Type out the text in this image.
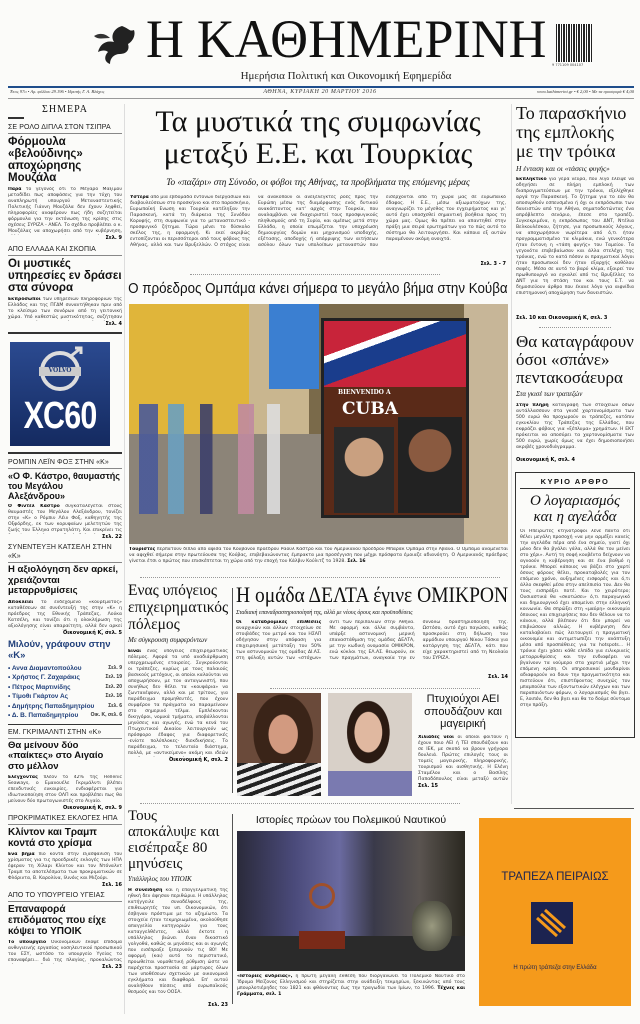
Η ΚΑΘΗΜΕΡΙΝΗ 9 771109 004107
Ημερήσια Πολιτική και Οικονομική Εφημερίδα
Έτος 97ο • Αρ. φύλλου 29.196 • Ιδρυτής Γ. Α. Βλάχος	ΑΘΗΝΑ, ΚΥΡΙΑΚΗ 20 ΜΑΡΤΙΟΥ 2016	www.kathimerini.gr • € 2,00 • Με τα προσφορά € 4,00
ΣΗΜΕΡΑ
ΣΕ ΡΟΛΟ ΔΙΠΛΑ ΣΤΟΝ ΤΣΙΠΡΑ
Φόρμουλα «βελούδινης» αποχώρησης Μουζάλα
Παρά το γεγονός ότι το Μέγαρο Μαξίμου μεταδίδει πως αποφάσεις για την τύχη του αναπληρωτή υπουργού Μεταναστευτικής Πολιτικής Γιάννη Μουζάλα δεν έχουν ληφθεί, πληροφορίες αναφέρουν πως ήδη συζητείται φόρμουλα για την εκτόνωση της κρίσης στις σχέσεις ΣΥΡΙΖΑ - ΑΝΕΛ. Το σχέδιο προβλέπει ο κ. Μουζάλας να αποχωρήσει από την κυβέρνηση,
Σελ. 9
ΑΠΟ ΕΛΛΑΔΑ ΚΑΙ ΣΚΟΠΙΑ
Οι μυστικές υπηρεσίες εν δράσει στα σύνορα
Εκπρόσωποι των υπηρεσιών πληροφοριών της Ελλάδος και της ΠΓΔΜ συναντήθηκαν πριν από το κλείσιμο των συνόρων από τη γειτονική χώρα. Υπό καθεστώς μυστικότητας, συζήτησαν
Σελ. 4
VOLVO
XC60
ΡΟΜΠΙΝ ΛΕΪΝ ΦΟΞ ΣΤΗΝ «Κ»
«Ο Φ. Κάστρο, θαυμαστής του Μεγάλου Αλεξάνδρου»
Ο Φιντέλ Κάστρο συγκαταλέγεται στους θαυμαστές του Μεγάλου Αλεξάνδρου, τονίζει στην «Κ» ο Ρόμπιν Λέιν Φοξ, καθηγητής της Οξφόρδης, εκ των κορυφαίων μελετητών της ζωής του Έλληνα στρατηλάτη. Και επικρίνει τις
Σελ. 22
ΣΥΝΕΝΤΕΥΞΗ ΚΑΤΣΕΛΗ ΣΤΗΝ «Κ»
Η αξιολόγηση δεν αρκεί, χρειάζονται μεταρρυθμίσεις
Αποκλείει το ενδεχόμενο «κουρέματος» καταθέσεων σε συνέντευξή της στην «Κ» η πρόεδρος της Εθνικής Τράπεζας, Λούκα Κατσέλη, και τονίζει ότι η ολοκλήρωση της αξιολόγησης είναι απαραίτητη, αλλά δεν αρκεί
Οικονομική Κ, σελ. 5
Μιλούν, γράφουν στην «Κ»
• Αννα Διαμαντοπούλου	Σελ. 9
• Χρήστος Γ. Ζαχαράκις	Σελ. 19
• Πέτρος Μαρτινίδης	Σελ. 20
• Τίμοθι Γκάρτον Ας	Σελ. 16
• Δημήτρης Παπαδημητρίου	Σελ. 6
• Δ. Β. Παπαδημητρίου Οικ. Κ, σελ. 6
ΕΜ. ΓΚΡΙΜΑΛΝΤΙ ΣΤΗΝ «Κ»
Θα μείνουν δύο «παίκτες» στο Αιγαίο στο μέλλον
Ελέγχοντας πλέον το 42% της Hellenic Seaways, ο Εμανουέλε Γκριμάλντι βλέπει επενδυτικές ευκαιρίες, ενδιαφέρεται για ιδιωτικοποίηση στον ΟΛΠ και προβλέπει πως θα μείνουν δύο πρωταγωνιστές στο Αιγαίο.
Οικονομική Κ, σελ. 9
ΠΡΟΚΡΙΜΑΤΙΚΕΣ ΕΚΛΟΓΕΣ ΗΠΑ
Κλίντον και Τραμπ κοντά στο χρίσμα
Ενα βήμα πιο κοντά στην εξασφάλιση του χρίσματος για τις προεδρικές εκλογές των ΗΠΑ έφεραν τη Χίλαρι Κλίντον και τον Ντόναλντ Τραμπ τα αποτελέσματα των προκριματικών σε Φλόριντα, Β. Καρολίνα, Ιλινόις και Μιζούρι.
Σελ. 16
ΑΠΟ ΤΟ ΥΠΟΥΡΓΕΙΟ ΥΓΕΙΑΣ
Επαναφορά επιδόματος που είχε κόψει το ΥΠΟΙΚ
Το υπουργείο Οικονομικών έκοψε επίδομα ανθυγιεινής εργασίας νοσηλευτικού προσωπικού του ΕΣΥ, ωστόσο το υπουργείο Υγείας το επαναφέρει... διά της πλαγίας, προκαλώντας
Σελ. 23
Τα μυστικά της συμφωνίας μεταξύ Ε.Ε. και Τουρκίας
Το «παζάρι» στη Σύνοδο, οι φόβοι της Αθήνας, τα προβλήματα της επόμενης μέρας
Υστερα από μία εβδομάδα έντονων διεργασιών και διαβουλεύσεων στο προσκήνιο και στο παρασκήνιο, Ευρωπαϊκή Ενωση και Τουρκία κατέληξαν την Παρασκευή, κατά τη διάρκεια της Συνόδου Κορυφής, στη συμφωνία για το μεταναστευτικό - προσφυγικό ζήτημα. Τώρα μένει το δύσκολο σκέλος της, η εφαρμογή. Κι εκεί ακριβώς εντοπίζονται οι περισσότεροι από τους φόβους της Αθήνας, αλλά και των Βρυξελλών. Ο στόχος είναι να ανακοπούν οι ανεξέλεγκτες ροές προς την Ευρώπη μέσω της διαμόρφωσης ενός δυτικού ανακόπτοντος κατ' αρχάς στην Τουρκία, που αναλαμβάνει να διαχειριστεί τους προσφυγικούς πληθυσμούς από τη Συρία, και αμέσως μετά στην Ελλάδα, η οποία επωμίζεται την υποχρέωση δημιουργίας δομών και μηχανισμού υποδοχής, εξέτασης, αποδοχής ή απόρριψης των αιτήσεων ασύλου όλων των υπολοίπων μεταναστών που εισέρχονται από τη χώρα μας σε ευρωπαϊκό έδαφος. Η Ε.Ε., μέσω αξιωματούχων της, αναγνωρίζει το μέγεθος του εγχειρήματος και γι' αυτό έχει υποσχεθεί σημαντική βοήθεια προς τη χώρα μας. Ομως θα πρέπει να απαντηθεί στην πράξη μια σειρά ερωτημάτων για το πώς αυτό το σύστημα θα λειτουργήσει. Και κάποια εξ αυτών παραμένουν ακόμη ανοιχτά.
Σελ. 3 - 7
Ο πρόεδρος Ομπάμα κάνει σήμερα το μεγάλο βήμα στην Κούβα
BIENVENIDO A
CUBA
Τουρίστες περπατούν δίπλα από αφίσα του Κουβανού προέδρου Ραούλ Κάστρο και του Αμερικανού προέδρου Μπαράκ Ομπάμα στην Αβάνα. Ο Ομπάμα αναμένεται να αφιχθεί σήμερα στην πρωτεύουσα της Κούβας, επιβεβαιώνοντας έμπρακτα μια προσέγγιση που μέχρι πρόσφατα έμοιαζε αδιανόητη. Ο Αμερικανός πρόεδρος γίνεται έτσι ο πρώτος που επισκέπτεται τη χώρα από την εποχή του Κάλβιν Κούλιτζ το 1928. Σελ. 16
Ενας υπόγειος επιχειρηματικός πόλεμος
Με σύγκρουση συμφερόντων
Είναι ένας υπόγειος επιχειρηματικός πόλεμος. Αφορά τα υπό αναδιάρθρωση υπερχρεωμένες εταιρείες. Συγκρούονται οι τράπεζες, κυρίως με τους παλαιούς βασικούς μετόχους, οι οποίοι καλούνται να αποχωρήσουν, με τον ανταγωνιστή, που συνήθως δεν θέλει τα «κουφάρια» να ζωντανέψουν, αλλά και με τρίτους, για παράδειγμα προμηθευτές, που έχουν συμφέρον τα πράγματα να παραμείνουν στο σημερινό τέλμα. Εμπλέκονται δικηγόροι, νομικά τμήματα, υποβάλλονται μηνύσεις και αγωγές, ενώ τα κενά του Πτωχευτικού Δικαίου λειτουργούν ως πρόσφορο έδαφος για διαφορετικές -ενίοτε πολύπλοκες- διεκδικήσεις. Το παράδειγμα, το τελευταίο διάστημα, πολλά, με «αντικείμενο» ακόμη και ιδεών
Οικονομική Κ, σελ. 2
Η ομάδα ΔΕΛΤΑ έγινε ΟΜΙΚΡΟΝ
Σταδιακή επαναδραστηριοποίησή της, αλλά με νέους όρους και προϋποθέσεις
Οι καταδρομικές επιθέσεις αναρχικών και άλλων στοιχείων σε στοιβάδες του μετρό και του ΗΣΑΠ οδήγησαν στην απόφαση για επιχειρησιακή μετάταξη του 50% των αστυνομικών της ομάδας ΔΙ.ΑΣ. στη φύλαξη αυτών των «στόχων» αντί των περιπολιών στην Αθήνα. Με αφορμή και άλλα συμβάντα, υπάρξε αστυνομική μερική επαναστάθμιση της ομάδας ΔΕΛΤΑ, με την κωδική ονομασία ΟΜΙΚΡΟΝ, ενώ κύκλοι της ΕΛ.ΑΣ. θεωρούν, εκ των πραγμάτων, αναγκαία την εν συνόλω δραστηριοποίησή της. Ωστόσο, αυτό έχει παγώσει, καθώς προσκρούει στη δήλωση του αρμόδιου υπουργού Νίκου Τόσκα για κατάργηση της ΔΕΛΤΑ, κάτι που είχε χαρακτηριστεί από τη Νεολαία του ΣΥΡΙΖΑ.
Σελ. 14
Πτυχιούχοι ΑΕΙ σπουδάζουν και μαγειρική
Χιλιάδες νέοι οι οποίοι φοιτούν ή έχουν ποιο ΑΕΙ ή ΤΕΙ σπουδάζουν και σε ΙΕΚ, με σκοπό να βρουν γρήγορα δουλειά. Πρώτες επιλογές τους οι τομείς μαγειρικής, πληροφορικής, τουρισμού και αισθητικής. Η Ελένη Σταμέλου και ο Βασίλης Παπαδόπουλος είναι μεταξύ αυτών
Σελ. 15
Τους αποκάλυψε και εισέπραξε 80 μηνύσεις
Υπάλληλος του ΥΠΟΙΚ
Η συνείδηση και η επαγγελματική της ηθική δεν άφησαν περιθώρια. Η υπάλληλος κατήγγειλε συναδέλφους της, επιθεωρητές του υπ. Οικονομικών, ότι έσβηναν πρόστιμα με το αζημίωτο. Τα στοιχεία ήταν τεκμηριωμένα, ακολούθησε απαγγελία κατηγοριών για τους καταγγελθέντες, αλλά έκτοτε η υπάλληλος βιώνει έναν δικαστικό γολγοθά, καθώς οι μηνύσεις και οι αγωγές που εισέπραξε ξεπερνούν τις 80! Με αφορμή (και) αυτό το περιστατικό, προωθείται νομοθετική ρύθμιση ώστε να παρέχεται προστασία σε μάρτυρες όλων των υποθέσεων σχετικών με οικονομικά εγκλήματα και διαφθορά. Επ' αυτού αναλήθουν πίεσεις από ευρωπαϊκούς θεσμούς και τον ΟΟΣΑ.
Σελ. 23
Ιστορίες πρώων του Πολεμικού Ναυτικού
«Ιστορίες ανδρείας», η πρώτη μεγάλη έκθεση που διοργανώνει το Πολεμικό Ναυτικό στο Ίδρυμα Μείζονος Ελληνισμού και στηρίζεται στην ανάδειξη τεκμηρίων, ξεκινώντας από τους μπουρλοτιέρηδες του 1821 και φθάνοντας έως την τραγωδία των Ιμίων, το 1996. Τέχνες και Γράμματα, σελ. 1
Το παρασκήνιο της εμπλοκής με την τρόικα
Η ένταση και οι «τάσεις φυγής»
Εκπληκτικό για γερά νεύρα, που λίγο έλειψε να οδηγήσει σε πλήρη εμπλοκή των διαπραγματεύσεων με την τρόικα, εξελίχθηκε αργά την Παρασκευή. Το ζήτημα για το εάν θα αποσυρθούν εσπευσμένα ή όχι οι εκπρόσωποι των δανειστών από την Αθήνα, σηματοδοτώντας ένα απρόβλεπτο σενάριο, έπεσε στο τραπέζι. Συγκεκριμένα, η εκπρόσωπος του ΔΝΤ, Ντέλια Βελκουλέσκου, ζήτησε, για προσωπικούς λόγους, να αποχωρήσουν νωρίτερα από ό,τι ήταν προγραμματισμένο τα κλιμάκια, ενώ γενικότερα ήταν έντονη η «τάση φυγής» του Ταμείου. Τα γεγονότα επιβεβαίωσαν και άλλα στελέχη της τρόικας, ενώ το κατά πόσον οι πραγματικοί λόγοι ήταν προσωπικοί δεν ήταν εξαρχής καθόλου σαφές. Μέσα σε αυτό το βαρύ κλίμα, εξαιρεί τον πρωθυπουργό να εγκαλεί από τις Βρυξέλλες το ΔΝΤ για τη στάση του και τους Ε.Τ. να δημοσιεύουν άρθρο που έκανε λόγο για αιφνίδια επιστημονική αποχώρηση των δανειστών.
Σελ. 10 και Οικονομική Κ, σελ. 3
Θα καταγράφουν όσοι «σπάνε» πεντακοσάευρα
Στα γκισέ των τραπεζών
Στην πλήρη καταγραφή των στοιχείων όσων αντάλλασσουν στα γκισέ χαρτονομίσματα των 500 ευρώ θα προχωρούν οι τράπεζες, κατόπιν εγκυκλίου της Τράπεζας της Ελλάδος, που εκφράζει φόβους για «ξέπλυμα» χρημάτων. Η ΕΚΤ πρόκειται να αποσύρει τα χαρτονομίσματα των 500 ευρώ, χωρίς όμως να έχει δημοσιοποιήσει ακριβές χρονοδιάγραμμα.
Οικονομική Κ, σελ. 4
ΚΥΡΙΟ ΑΡΘΡΟ
Ο λογαριασμός και η αγελάδα
Οι Ηπειρώτες κτηνοτρόφοι λένε πάντα ότι θέλει μεγάλη προσοχή «να μην αρμέξει κανείς την αγελάδα πέρα από ένα σημείο, γιατί όχι μόνο δεν θα βγάλει γάλα, αλλά θα του μείνει στο χέρι». Αυτή τη σοφή κουβέντα δείχνουν να αγνοούν η κυβέρνηση και σε ένα βαθμό η τρόικα. Μπορεί κάποιος να βάζει στο χαρτί όσους φόρους θέλει, προκαταβολές για τον επόμενο χρόνο, αυξημένες εισφορές και ό,τι άλλο σκεφθεί μέσα στην απελπισία του. Δεν θα τους εισπράξει ποτέ. Και το χειρότερο; Ουσιαστικά θα «σκοτώσει» ό,τι παραγωγικό και δημιουργικό έχει απομείνει στην ελληνική κοινωνία. Θα σπρώξει στη «μαύρη» οικονομία όποιους και επιχειρήσεις που δεν θέλουν να το κάνουν, αλλά βλέπουν ότι δεν μπορεί να επιβιώσουν αλλιώς. Η κυβέρνηση δεν καταλαβαίνει πώς λειτουργεί η πραγματική οικονομία και αντιμετωπίζει την ανάπτυξη μέσα από προσπάθειες για τα hotspots... Η τρόικα έχει χάσει κάθε ελπίδα για ειλικρινείς μεταρρυθμίσεις και την ενδιαφέρει να βγαίνουν τα νούμερα στα χαρτιά μέχρι την επόμενη κρίση. Οι υπηρεσιακοί μανδαρίνοι αδιαφορούν να δουν την πραγματικότητα και πιστεύουν ότι, επιστέφοντας συνεχώς τον μπαμπούλα των εξοντωτικών ελέγχων και των παραπαιόντων φόρων, ο λογαριασμός θα βγει. Ε, λοιπόν, δεν θα βγει και θα το δούμε σύντομα στην πράξη.
ΤΡΑΠΕΖΑ ΠΕΙΡΑΙΩΣ
Η πρώτη τράπεζα στην Ελλάδα
